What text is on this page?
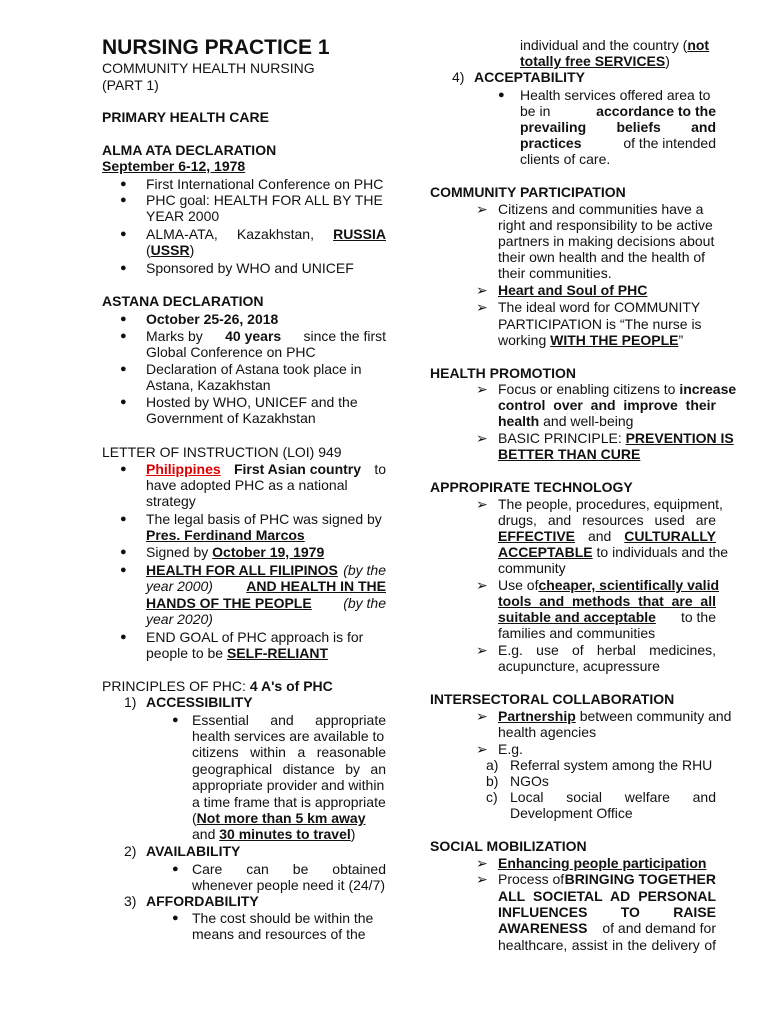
NURSING PRACTICE 1
COMMUNITY HEALTH NURSING
(PART 1)
PRIMARY HEALTH CARE
ALMA ATA DECLARATION
September 6-12, 1978
● First International Conference on PHC
● PHC goal: HEALTH FOR ALL BY THE
YEAR 2000
● ALMA-ATA, Kazakhstan, RUSSIA
(USSR)
● Sponsored by WHO and UNICEF
ASTANA DECLARATION
● October 25-26, 2018
● Marks by 40 years since the first
Global Conference on PHC
● Declaration of Astana took place in
Astana, Kazakhstan
● Hosted by WHO, UNICEF and the
Government of Kazakhstan
LETTER OF INSTRUCTION (LOI) 949
● Philippines First Asian country to
have adopted PHC as a national
strategy
● The legal basis of PHC was signed by
Pres. Ferdinand Marcos
● Signed by October 19, 1979
● HEALTH FOR ALL FILIPINOS (by the
year 2000) AND HEALTH IN THE
HANDS OF THE PEOPLE (by the
year 2020)
● END GOAL of PHC approach is for
people to be SELF-RELIANT
PRINCIPLES OF PHC: 4 A's of PHC
1) ACCESSIBILITY
● Essential and appropriate
health services are available to
citizens within a reasonable
geographical distance by an
appropriate provider and within
a time frame that is appropriate
(Not more than 5 km away
and 30 minutes to travel)
2) AVAILABILITY
● Care can be obtained
whenever people need it (24/7)
3) AFFORDABILITY
● The cost should be within the
means and resources of the
individual and the country (not
totally free SERVICES)
4) ACCEPTABILITY
● Health services offered area to
be in	accordance to the
prevailing beliefs and
practices	of the intended
clients of care.
COMMUNITY PARTICIPATION
➢ Citizens and communities have a
right and responsibility to be active
partners in making decisions about
their own health and the health of
their communities.
➢ Heart and Soul of PHC
➢ The ideal word for COMMUNITY
PARTICIPATION is “The nurse is
working WITH THE PEOPLE”
HEALTH PROMOTION
➢ Focus or enabling citizens to increase
control over and improve their
health and well-being
➢ BASIC PRINCIPLE: PREVENTION IS
BETTER THAN CURE
APPROPIRATE TECHNOLOGY
➢ The people, procedures, equipment,
drugs, and resources used are
EFFECTIVE and CULTURALLY
ACCEPTABLE to individuals and the
community
➢ Use of cheaper, scientifically valid
tools and methods that are all
suitable and acceptable to the
families and communities
➢ E.g. use of herbal medicines,
acupuncture, acupressure
INTERSECTORAL COLLABORATION
➢ Partnership between community and
health agencies
➢ E.g.
a) Referral system among the RHU
b) NGOs
c) Local social welfare and
Development Office
SOCIAL MOBILIZATION
➢ Enhancing people participation
➢ Process of BRINGING TOGETHER
ALL SOCIETAL AD PERSONAL
INFLUENCES TO RAISE
AWARENESS of and demand for
healthcare, assist in the delivery of
